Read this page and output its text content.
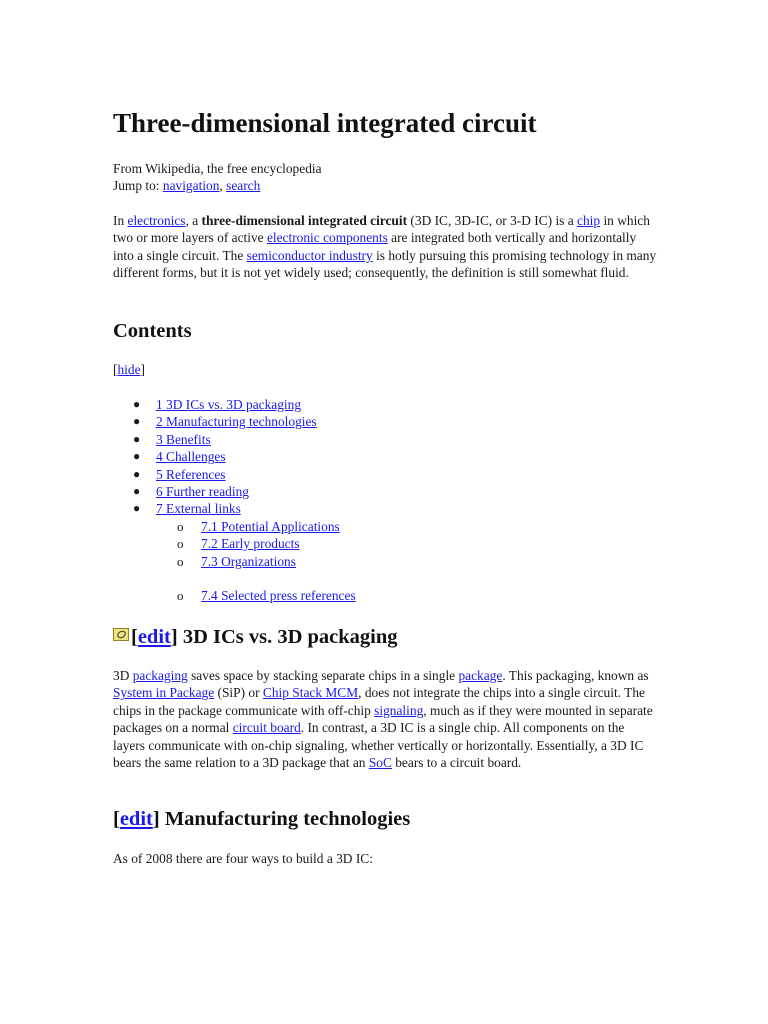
Three-dimensional integrated circuit
From Wikipedia, the free encyclopedia
Jump to: navigation, search

In electronics, a three-dimensional integrated circuit (3D IC, 3D-IC, or 3-D IC) is a chip in which two or more layers of active electronic components are integrated both vertically and horizontally into a single circuit. The semiconductor industry is hotly pursuing this promising technology in many different forms, but it is not yet widely used; consequently, the definition is still somewhat fluid.

Contents
[hide]
● 1 3D ICs vs. 3D packaging
● 2 Manufacturing technologies
● 3 Benefits
● 4 Challenges
● 5 References
● 6 Further reading
● 7 External links
o 7.1 Potential Applications
o 7.2 Early products
o 7.3 Organizations
o 7.4 Selected press references
[edit] 3D ICs vs. 3D packaging

3D packaging saves space by stacking separate chips in a single package. This packaging, known as System in Package (SiP) or Chip Stack MCM, does not integrate the chips into a single circuit. The chips in the package communicate with off-chip signaling, much as if they were mounted in separate packages on a normal circuit board. In contrast, a 3D IC is a single chip. All components on the layers communicate with on-chip signaling, whether vertically or horizontally. Essentially, a 3D IC bears the same relation to a 3D package that an SoC bears to a circuit board.

[edit] Manufacturing technologies

As of 2008 there are four ways to build a 3D IC:
